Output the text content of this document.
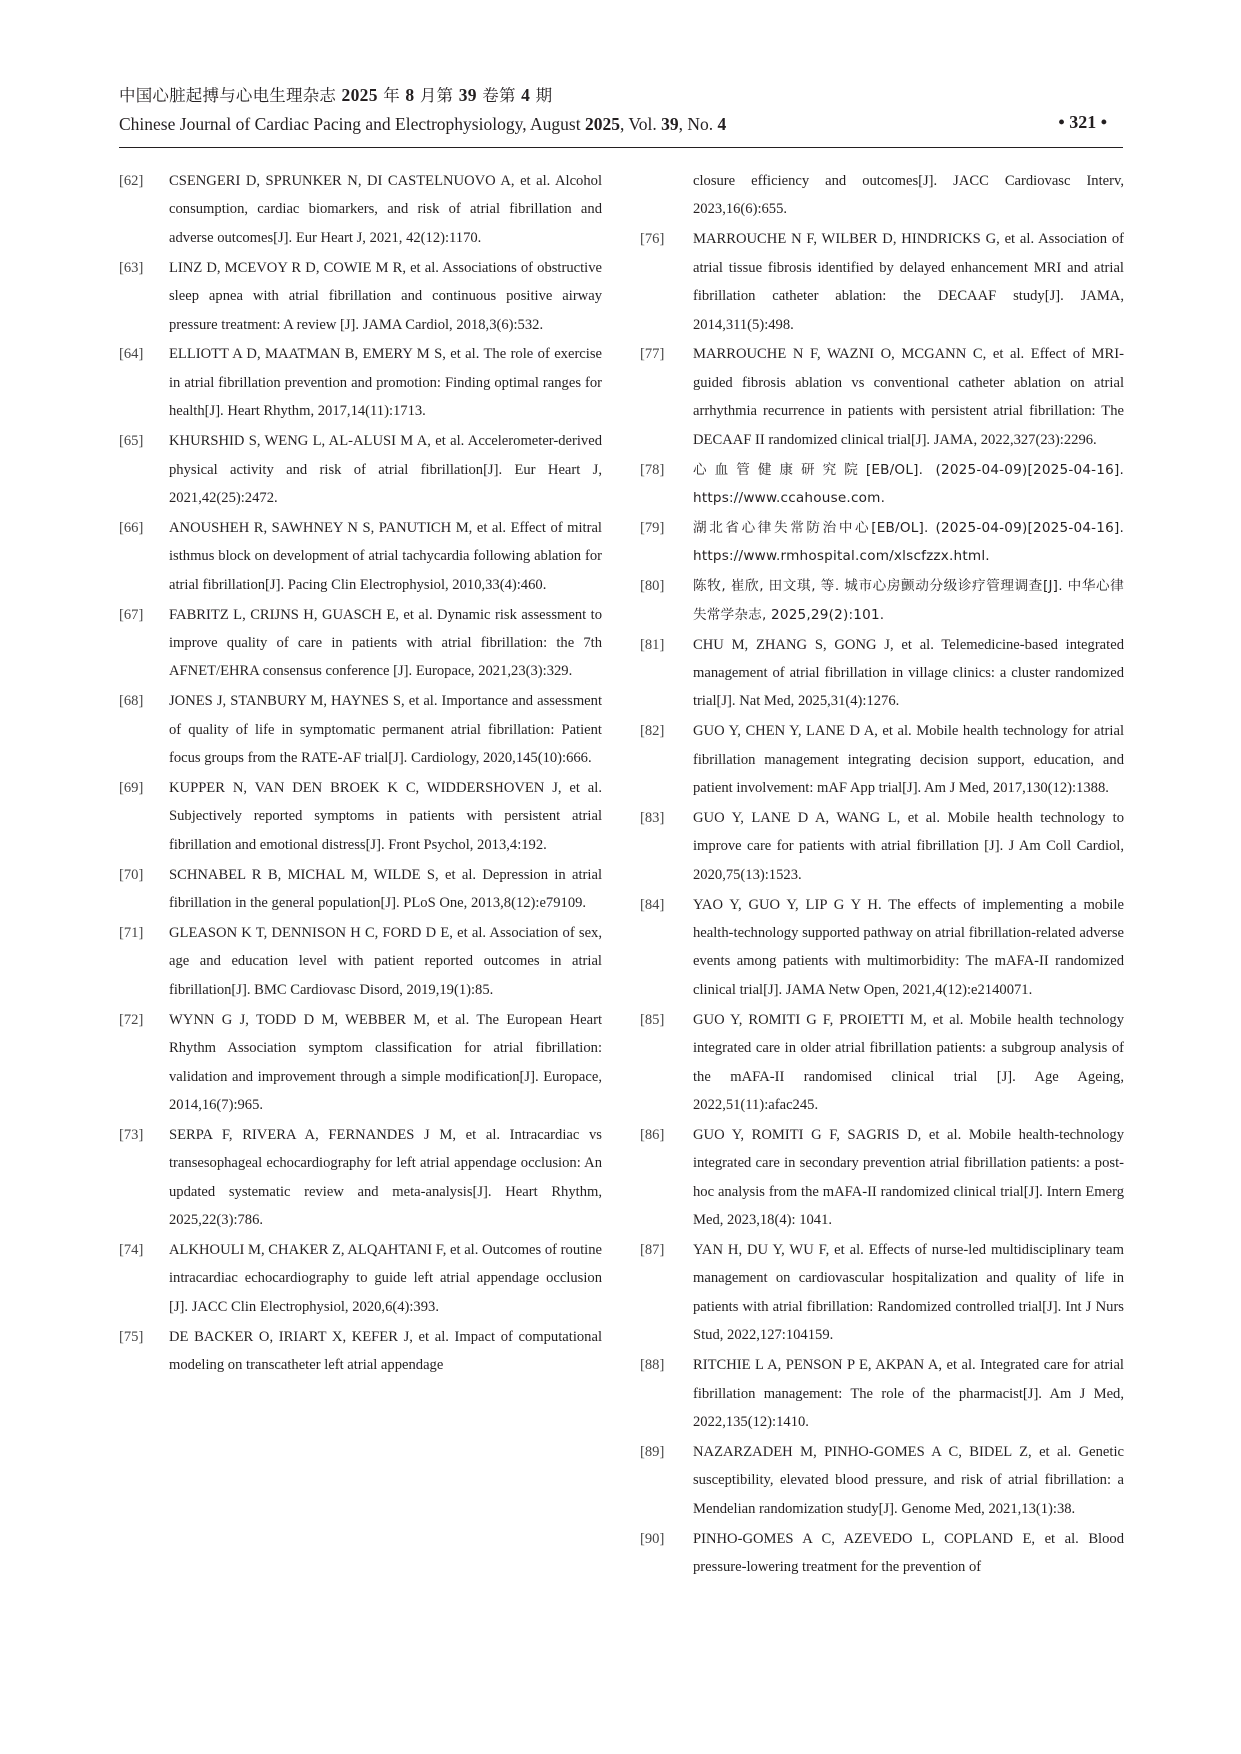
中国心脏起搏与心电生理杂志 2025 年 8 月第 39 卷第 4 期
Chinese Journal of Cardiac Pacing and Electrophysiology, August 2025, Vol. 39, No. 4	• 321 •
[62]	CSENGERI D, SPRUNKER N, DI CASTELNUOVO A, et al. Alcohol consumption, cardiac biomarkers, and risk of atrial fibrillation and adverse outcomes[J]. Eur Heart J, 2021, 42(12):1170.
[63]	LINZ D, MCEVOY R D, COWIE M R, et al. Associations of obstructive sleep apnea with atrial fibrillation and continuous positive airway pressure treatment: A review [J]. JAMA Cardiol, 2018,3(6):532.
[64]	ELLIOTT A D, MAATMAN B, EMERY M S, et al. The role of exercise in atrial fibrillation prevention and promotion: Finding optimal ranges for health[J]. Heart Rhythm, 2017,14(11):1713.
[65]	KHURSHID S, WENG L, AL-ALUSI M A, et al. Accelerometer-derived physical activity and risk of atrial fibrillation[J]. Eur Heart J, 2021,42(25):2472.
[66]	ANOUSHEH R, SAWHNEY N S, PANUTICH M, et al. Effect of mitral isthmus block on development of atrial tachycardia following ablation for atrial fibrillation[J]. Pacing Clin Electrophysiol, 2010,33(4):460.
[67]	FABRITZ L, CRIJNS H, GUASCH E, et al. Dynamic risk assessment to improve quality of care in patients with atrial fibrillation: the 7th AFNET/EHRA consensus conference [J]. Europace, 2021,23(3):329.
[68]	JONES J, STANBURY M, HAYNES S, et al. Importance and assessment of quality of life in symptomatic permanent atrial fibrillation: Patient focus groups from the RATE-AF trial[J]. Cardiology, 2020,145(10):666.
[69]	KUPPER N, VAN DEN BROEK K C, WIDDERSHOVEN J, et al. Subjectively reported symptoms in patients with persistent atrial fibrillation and emotional distress[J]. Front Psychol, 2013,4:192.
[70]	SCHNABEL R B, MICHAL M, WILDE S, et al. Depression in atrial fibrillation in the general population[J]. PLoS One, 2013,8(12):e79109.
[71]	GLEASON K T, DENNISON H C, FORD D E, et al. Association of sex, age and education level with patient reported outcomes in atrial fibrillation[J]. BMC Cardiovasc Disord, 2019,19(1):85.
[72]	WYNN G J, TODD D M, WEBBER M, et al. The European Heart Rhythm Association symptom classification for atrial fibrillation: validation and improvement through a simple modification[J]. Europace, 2014,16(7):965.
[73]	SERPA F, RIVERA A, FERNANDES J M, et al. Intracardiac vs transesophageal echocardiography for left atrial appendage occlusion: An updated systematic review and meta-analysis[J]. Heart Rhythm, 2025,22(3):786.
[74]	ALKHOULI M, CHAKER Z, ALQAHTANI F, et al. Outcomes of routine intracardiac echocardiography to guide left atrial appendage occlusion [J]. JACC Clin Electrophysiol, 2020,6(4):393.
[75]	DE BACKER O, IRIART X, KEFER J, et al. Impact of computational modeling on transcatheter left atrial appendage
closure efficiency and outcomes[J]. JACC Cardiovasc Interv, 2023,16(6):655.
[76]	MARROUCHE N F, WILBER D, HINDRICKS G, et al. Association of atrial tissue fibrosis identified by delayed enhancement MRI and atrial fibrillation catheter ablation: the DECAAF study[J]. JAMA, 2014,311(5):498.
[77]	MARROUCHE N F, WAZNI O, MCGANN C, et al. Effect of MRI-guided fibrosis ablation vs conventional catheter ablation on atrial arrhythmia recurrence in patients with persistent atrial fibrillation: The DECAAF II randomized clinical trial[J]. JAMA, 2022,327(23):2296.
[78]	心血管健康研究院[EB/OL]. (2025-04-09)[2025-04-16]. https://www.ccahouse.com.
[79]	湖北省心律失常防治中心[EB/OL]. (2025-04-09)[2025-04-16]. https://www.rmhospital.com/xlscfzzx.html.
[80]	陈牧, 崔欣, 田文琪, 等. 城市心房颤动分级诊疗管理调查[J]. 中华心律失常学杂志, 2025,29(2):101.
[81]	CHU M, ZHANG S, GONG J, et al. Telemedicine-based integrated management of atrial fibrillation in village clinics: a cluster randomized trial[J]. Nat Med, 2025,31(4):1276.
[82]	GUO Y, CHEN Y, LANE D A, et al. Mobile health technology for atrial fibrillation management integrating decision support, education, and patient involvement: mAF App trial[J]. Am J Med, 2017,130(12):1388.
[83]	GUO Y, LANE D A, WANG L, et al. Mobile health technology to improve care for patients with atrial fibrillation [J]. J Am Coll Cardiol, 2020,75(13):1523.
[84]	YAO Y, GUO Y, LIP G Y H. The effects of implementing a mobile health-technology supported pathway on atrial fibrillation-related adverse events among patients with multimorbidity: The mAFA-II randomized clinical trial[J]. JAMA Netw Open, 2021,4(12):e2140071.
[85]	GUO Y, ROMITI G F, PROIETTI M, et al. Mobile health technology integrated care in older atrial fibrillation patients: a subgroup analysis of the mAFA-II randomised clinical trial [J]. Age Ageing, 2022,51(11):afac245.
[86]	GUO Y, ROMITI G F, SAGRIS D, et al. Mobile health-technology integrated care in secondary prevention atrial fibrillation patients: a post-hoc analysis from the mAFA-II randomized clinical trial[J]. Intern Emerg Med, 2023,18(4): 1041.
[87]	YAN H, DU Y, WU F, et al. Effects of nurse-led multidisciplinary team management on cardiovascular hospitalization and quality of life in patients with atrial fibrillation: Randomized controlled trial[J]. Int J Nurs Stud, 2022,127:104159.
[88]	RITCHIE L A, PENSON P E, AKPAN A, et al. Integrated care for atrial fibrillation management: The role of the pharmacist[J]. Am J Med, 2022,135(12):1410.
[89]	NAZARZADEH M, PINHO-GOMES A C, BIDEL Z, et al. Genetic susceptibility, elevated blood pressure, and risk of atrial fibrillation: a Mendelian randomization study[J]. Genome Med, 2021,13(1):38.
[90]	PINHO-GOMES A C, AZEVEDO L, COPLAND E, et al. Blood pressure-lowering treatment for the prevention of
